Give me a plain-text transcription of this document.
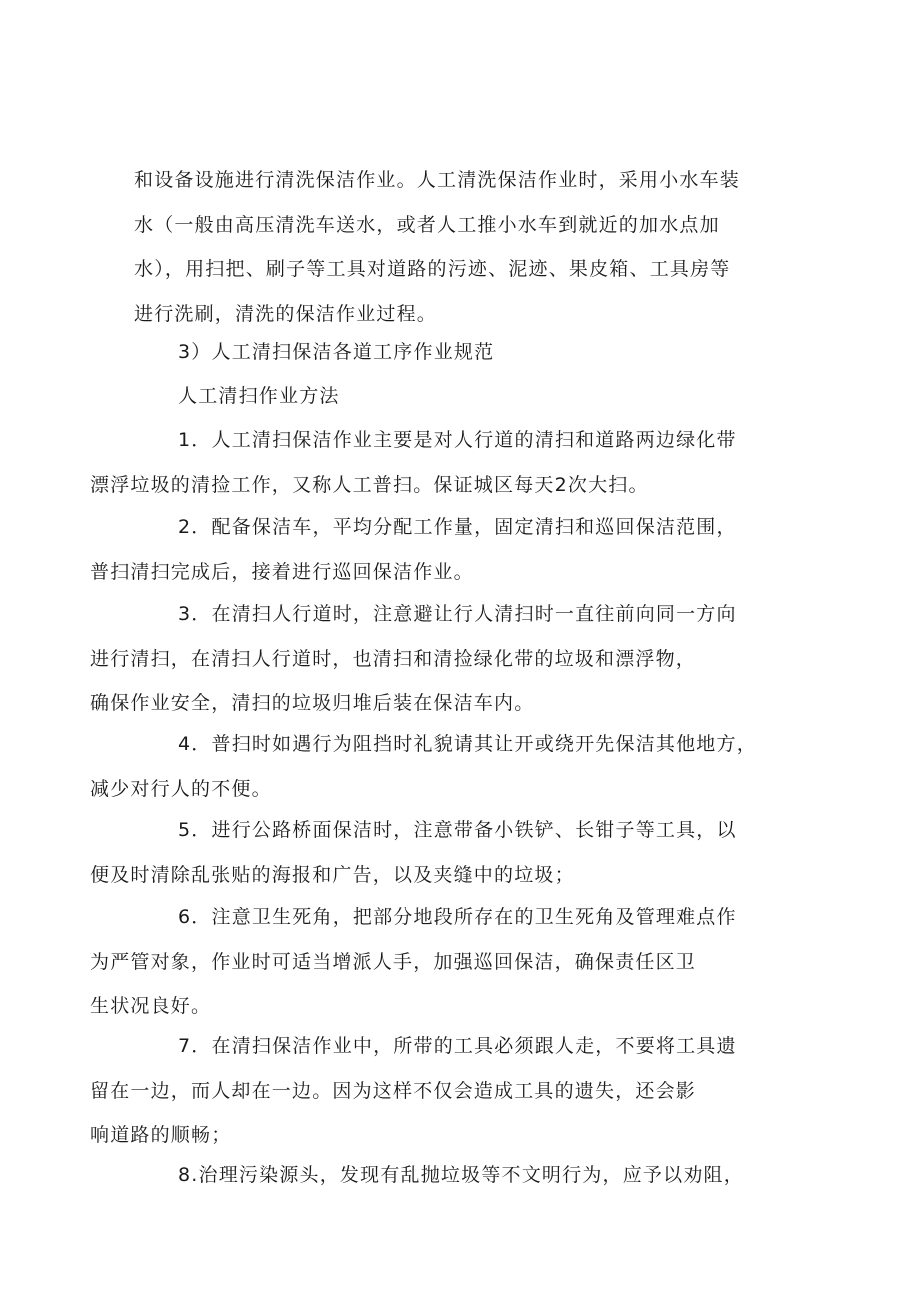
和设备设施进行清洗保洁作业。人工清洗保洁作业时，采用小水车装
水（一般由高压清洗车送水，或者人工推小水车到就近的加水点加
水），用扫把、刷子等工具对道路的污迹、泥迹、果皮箱、工具房等
进行洗刷，清洗的保洁作业过程。

3）人工清扫保洁各道工序作业规范

人工清扫作业方法

1．人工清扫保洁作业主要是对人行道的清扫和道路两边绿化带
漂浮垃圾的清捡工作，又称人工普扫。保证城区每天2次大扫。

2．配备保洁车，平均分配工作量，固定清扫和巡回保洁范围，
普扫清扫完成后，接着进行巡回保洁作业。

3．在清扫人行道时，注意避让行人清扫时一直往前向同一方向
进行清扫，在清扫人行道时，也清扫和清捡绿化带的垃圾和漂浮物，
确保作业安全，清扫的垃圾归堆后装在保洁车内。

4．普扫时如遇行为阻挡时礼貌请其让开或绕开先保洁其他地方，
减少对行人的不便。

5．进行公路桥面保洁时，注意带备小铁铲、长钳子等工具，以
便及时清除乱张贴的海报和广告，以及夹缝中的垃圾；

6．注意卫生死角，把部分地段所存在的卫生死角及管理难点作
为严管对象，作业时可适当增派人手，加强巡回保洁，确保责任区卫
生状况良好。

7．在清扫保洁作业中，所带的工具必须跟人走，不要将工具遗
留在一边，而人却在一边。因为这样不仅会造成工具的遗失，还会影
响道路的顺畅；

8.治理污染源头，发现有乱抛垃圾等不文明行为，应予以劝阻，
